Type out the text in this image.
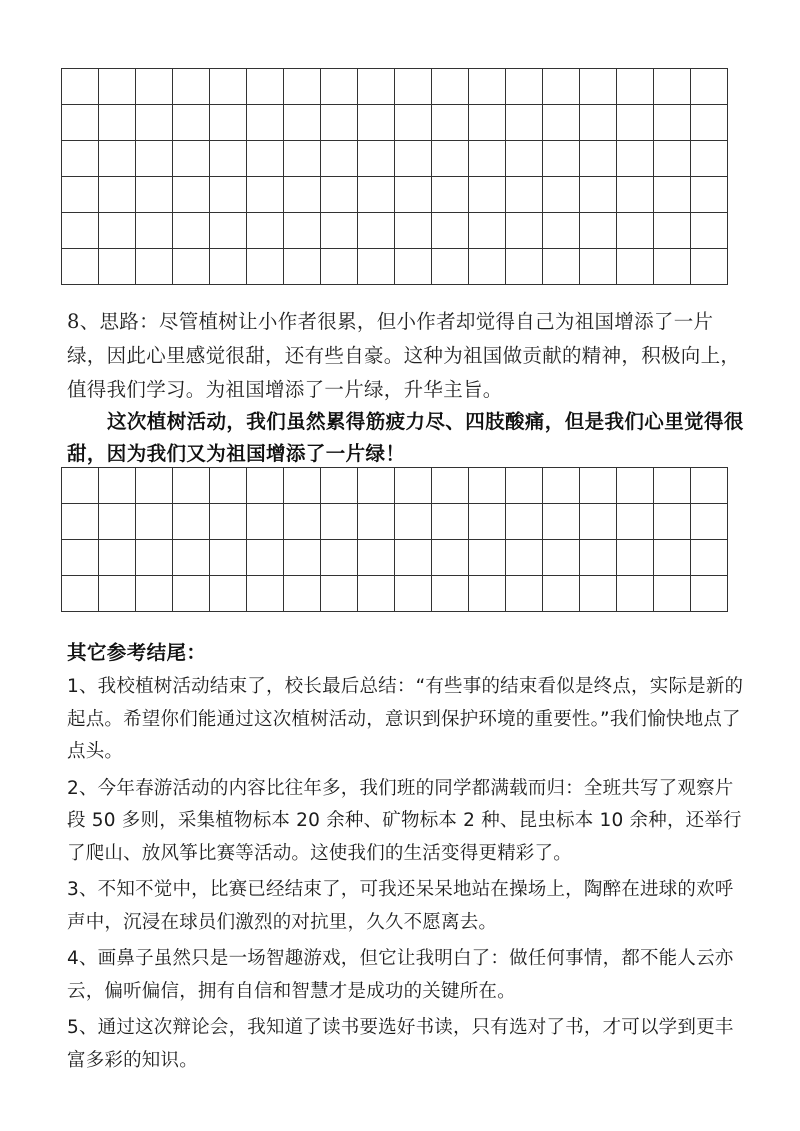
8、思路：尽管植树让小作者很累，但小作者却觉得自己为祖国增添了一片绿，因此心里感觉很甜，还有些自豪。这种为祖国做贡献的精神，积极向上，值得我们学习。为祖国增添了一片绿，升华主旨。

这次植树活动，我们虽然累得筋疲力尽、四肢酸痛，但是我们心里觉得很甜，因为我们又为祖国增添了一片绿！

其它参考结尾：

1、我校植树活动结束了，校长最后总结：“有些事的结束看似是终点，实际是新的起点。希望你们能通过这次植树活动，意识到保护环境的重要性。”我们愉快地点了点头。

2、今年春游活动的内容比往年多，我们班的同学都满载而归：全班共写了观察片段 50 多则，采集植物标本 20 余种、矿物标本 2 种、昆虫标本 10 余种，还举行了爬山、放风筝比赛等活动。这使我们的生活变得更精彩了。

3、不知不觉中，比赛已经结束了，可我还呆呆地站在操场上，陶醉在进球的欢呼声中，沉浸在球员们激烈的对抗里，久久不愿离去。

4、画鼻子虽然只是一场智趣游戏，但它让我明白了：做任何事情，都不能人云亦云，偏听偏信，拥有自信和智慧才是成功的关键所在。

5、通过这次辩论会，我知道了读书要选好书读，只有选对了书，才可以学到更丰富多彩的知识。
